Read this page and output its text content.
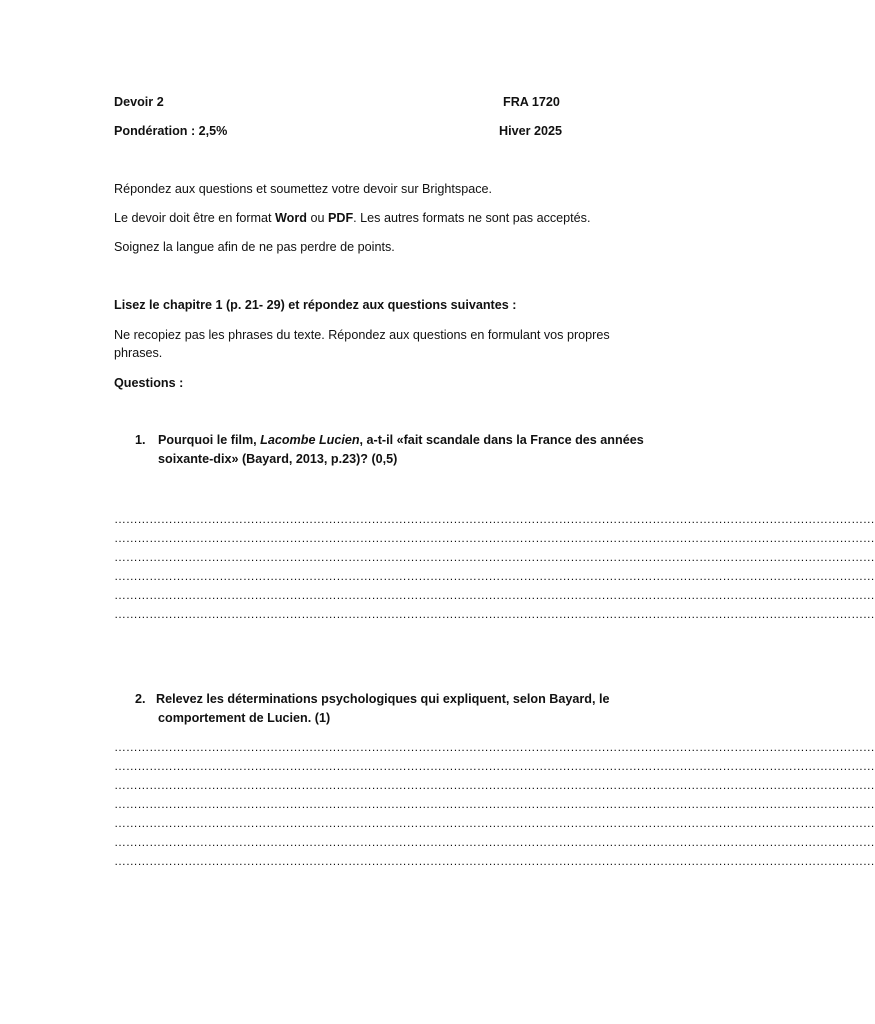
Devoir 2	FRA 1720
Pondération : 2,5%	Hiver 2025
Répondez aux questions et soumettez votre devoir sur Brightspace.
Le devoir doit être en format Word ou PDF. Les autres formats ne sont pas acceptés.
Soignez la langue afin de ne pas perdre de points.
Lisez le chapitre 1 (p. 21- 29) et répondez aux questions suivantes :
Ne recopiez pas les phrases du texte. Répondez aux questions en formulant vos propres
phrases.
Questions :
1. Pourquoi le film, Lacombe Lucien, a-t-il «fait scandale dans la France des années
soixante-dix» (Bayard, 2013, p.23)? (0,5)
……………………………………………………………………………………………………………………………………………………………………………
……………………………………………………………………………………………………………………………………………………………………………
……………………………………………………………………………………………………………………………………………………………………………
……………………………………………………………………………………………………………………………………………………………………………
……………………………………………………………………………………………………………………………………………………………………………
……………………………………………………………………………………………………………………………………………………………………………
2. Relevez les déterminations psychologiques qui expliquent, selon Bayard, le
comportement de Lucien. (1)
……………………………………………………………………………………………………………………………………………………………………………
……………………………………………………………………………………………………………………………………………………………………………
……………………………………………………………………………………………………………………………………………………………………………
……………………………………………………………………………………………………………………………………………………………………………
……………………………………………………………………………………………………………………………………………………………………………
……………………………………………………………………………………………………………………………………………………………………………
……………………………………………………………………………………………………………………………………………………………………………
